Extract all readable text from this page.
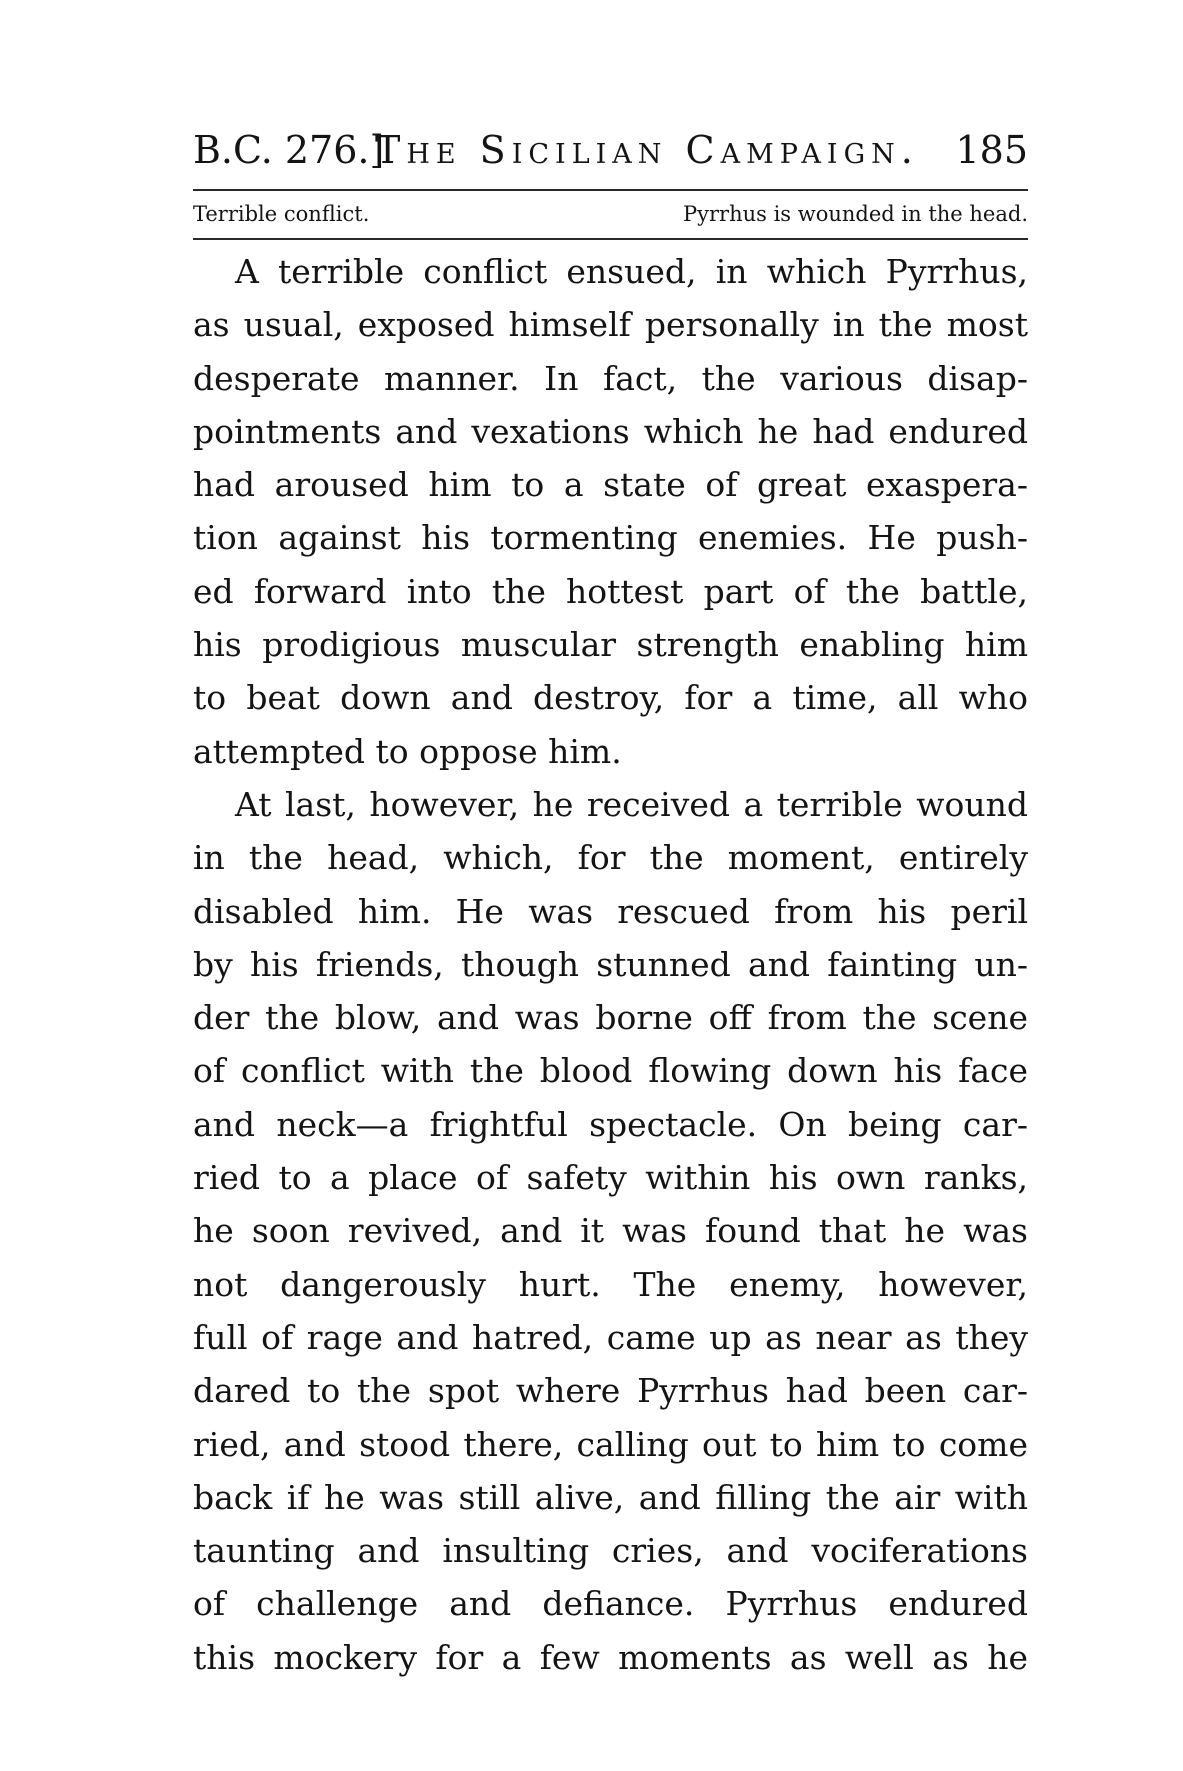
B.C. 276.]
The Sicilian Campaign. 185
Terrible conflict.	Pyrrhus is wounded in the head.
A terrible conflict ensued, in which Pyrrhus,
as usual, exposed himself personally in the most
desperate manner. In fact, the various disap-
pointments and vexations which he had endured
had aroused him to a state of great exaspera-
tion against his tormenting enemies. He push-
ed forward into the hottest part of the battle,
his prodigious muscular strength enabling him
to beat down and destroy, for a time, all who
attempted to oppose him.
At last, however, he received a terrible wound
in the head, which, for the moment, entirely
disabled him. He was rescued from his peril
by his friends, though stunned and fainting un-
der the blow, and was borne off from the scene
of conflict with the blood flowing down his face
and neck—a frightful spectacle. On being car-
ried to a place of safety within his own ranks,
he soon revived, and it was found that he was
not dangerously hurt. The enemy, however,
full of rage and hatred, came up as near as they
dared to the spot where Pyrrhus had been car-
ried, and stood there, calling out to him to come
back if he was still alive, and filling the air with
taunting and insulting cries, and vociferations
of challenge and defiance. Pyrrhus endured
this mockery for a few moments as well as he
